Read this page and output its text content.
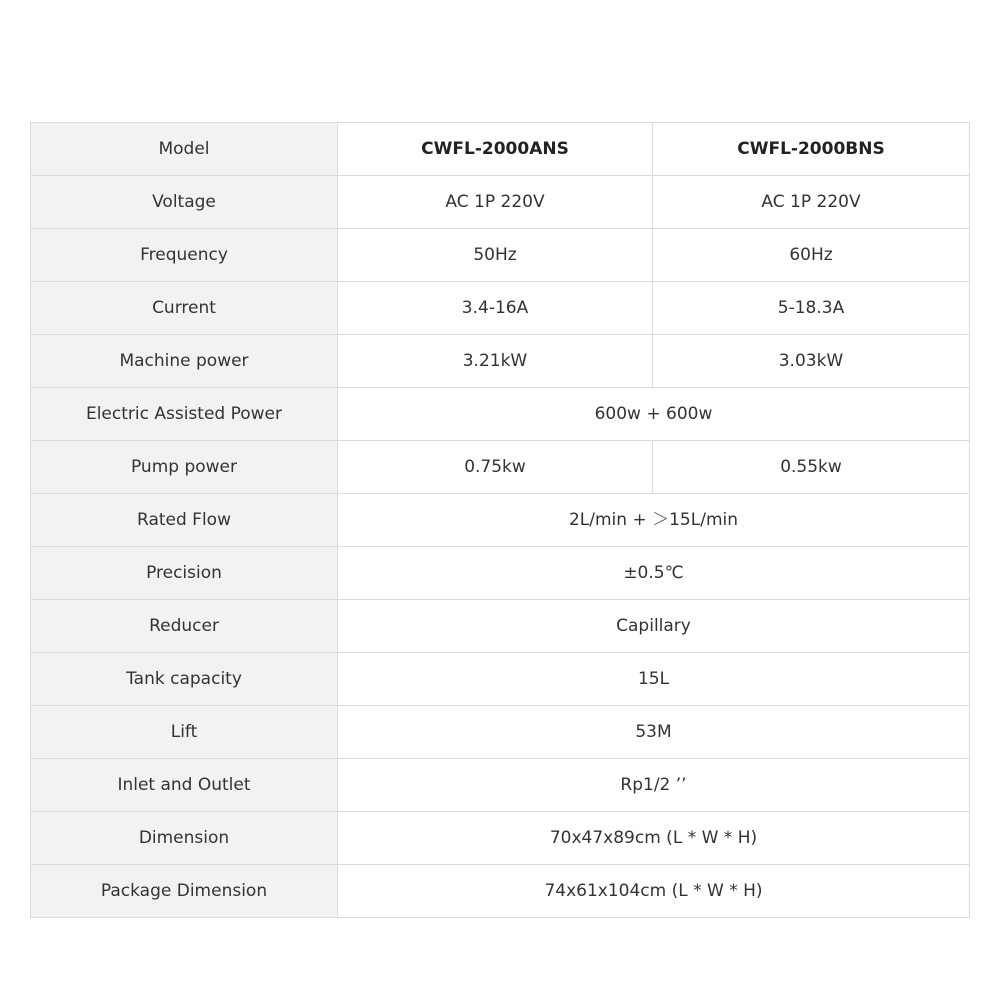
Model	CWFL-2000ANS	CWFL-2000BNS
Voltage	AC 1P 220V	AC 1P 220V
Frequency	50Hz	60Hz
Current	3.4-16A	5-18.3A
Machine power	3.21kW	3.03kW
Electric Assisted Power	600w + 600w	
Pump power	0.75kw	0.55kw
Rated Flow	2L/min + ＞15L/min	
Precision	±0.5℃	
Reducer	Capillary	
Tank capacity	15L	
Lift	53M	
Inlet and Outlet	Rp1/2 ’’	
Dimension	70x47x89cm (L * W * H)	
Package Dimension	74x61x104cm (L * W * H)	
